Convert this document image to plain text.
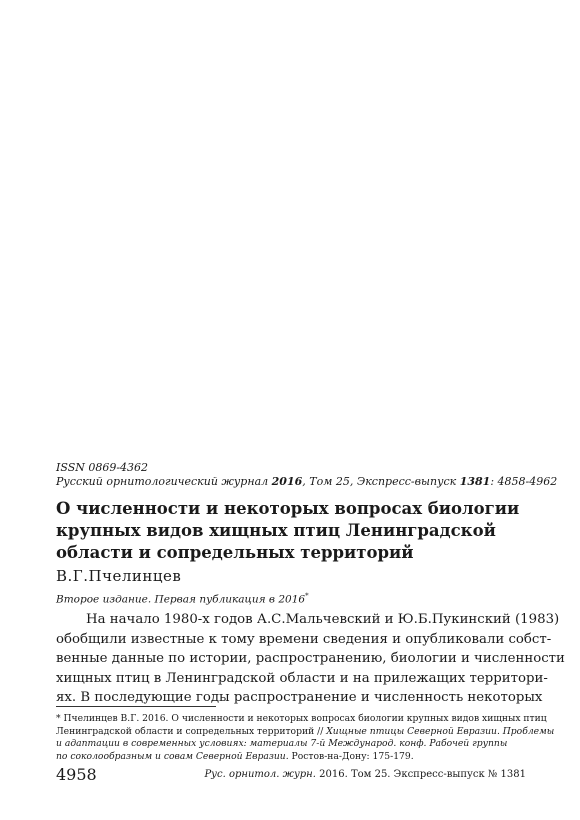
ISSN 0869-4362
Русский орнитологический журнал 2016, Том 25, Экспресс-выпуск 1381: 4858-4962
О численности и некоторых вопросах биологии крупных видов хищных птиц Ленинградской области и сопредельных территорий
В.Г.Пчелинцев
Второе издание. Первая публикация в 2016*
На начало 1980-х годов А.С.Мальчевский и Ю.Б.Пукинский (1983)
обобщили известные к тому времени сведения и опубликовали собст-
венные данные по истории, распространению, биологии и численности
хищных птиц в Ленинградской области и на прилежащих территори-
ях. В последующие годы распространение и численность некоторых
* Пчелинцев В.Г. 2016. О численности и некоторых вопросах биологии крупных видов хищных птиц
Ленинградской области и сопредельных территорий // Хищные птицы Северной Евразии. Проблемы
и адаптации в современных условиях: материалы 7-й Международ. конф. Рабочей группы
по соколообразным и совам Северной Евразии. Ростов-на-Дону: 175-179.
4958	Рус. орнитол. журн. 2016. Том 25. Экспресс-выпуск № 1381
